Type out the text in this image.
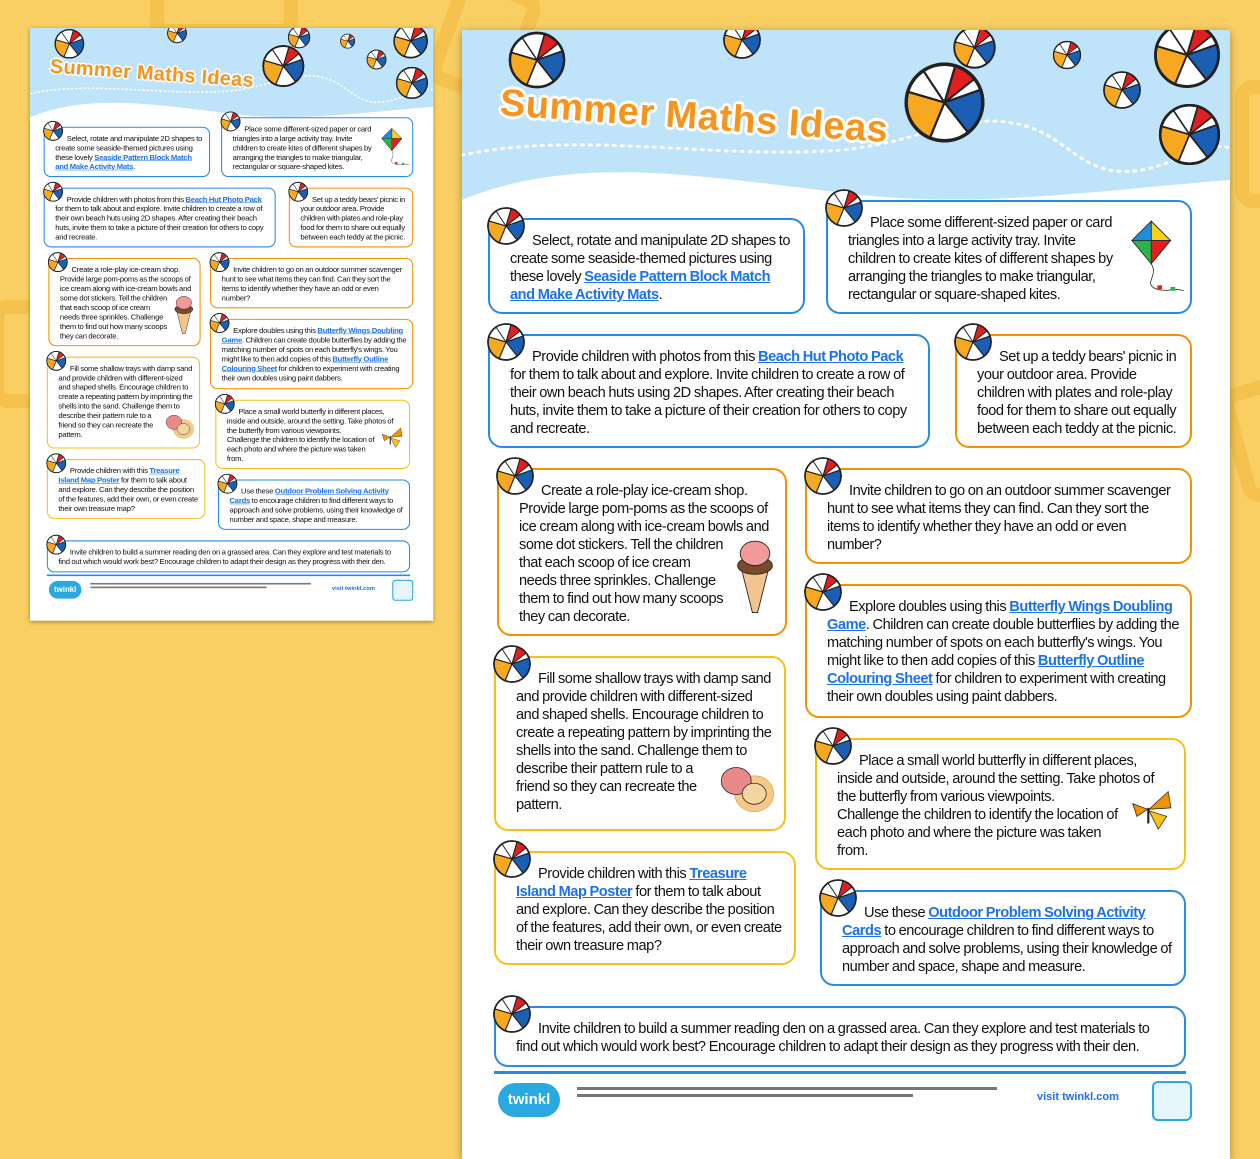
Summer Maths Ideas

Select, rotate and manipulate 2D shapes to create some seaside-themed pictures using these lovely Seaside Pattern Block Match and Make Activity Mats.

Place some different-sized paper or card triangles into a large activity tray. Invite children to create kites of different shapes by arranging the triangles to make triangular, rectangular or square-shaped kites.

Provide children with photos from this Beach Hut Photo Pack for them to talk about and explore. Invite children to create a row of their own beach huts using 2D shapes. After creating their beach huts, invite them to take a picture of their creation for others to copy and recreate.

Set up a teddy bears' picnic in your outdoor area. Provide children with plates and role-play food for them to share out equally between each teddy at the picnic.

Create a role-play ice-cream shop. Provide large pom-poms as the scoops of ice cream along with ice-cream bowls and some dot stickers. Tell the children that each scoop of ice cream needs three sprinkles. Challenge them to find out how many scoops they can decorate.

Invite children to go on an outdoor summer scavenger hunt to see what items they can find. Can they sort the items to identify whether they have an odd or even number?

Explore doubles using this Butterfly Wings Doubling Game. Children can create double butterflies by adding the matching number of spots on each butterfly's wings. You might like to then add copies of this Butterfly Outline Colouring Sheet for children to experiment with creating their own doubles using paint dabbers.

Fill some shallow trays with damp sand and provide children with different-sized and shaped shells. Encourage children to create a repeating pattern by imprinting the shells into the sand. Challenge them to describe their pattern rule to a friend so they can recreate the pattern.

Place a small world butterfly in different places, inside and outside, around the setting. Take photos of the butterfly from various viewpoints. Challenge the children to identify the location of each photo and where the picture was taken from.

Provide children with this Treasure Island Map Poster for them to talk about and explore. Can they describe the position of the features, add their own, or even create their own treasure map?

Use these Outdoor Problem Solving Activity Cards to encourage children to find different ways to approach and solve problems, using their knowledge of number and space, shape and measure.

Invite children to build a summer reading den on a grassed area. Can they explore and test materials to find out which would work best? Encourage children to adapt their design as they progress with their den.

twinkl	visit twinkl.com
Summer Maths Ideas

Select, rotate and manipulate 2D shapes to create some seaside-themed pictures using these lovely Seaside Pattern Block Match and Make Activity Mats.

Place some different-sized paper or card triangles into a large activity tray. Invite children to create kites of different shapes by arranging the triangles to make triangular, rectangular or square-shaped kites.

Provide children with photos from this Beach Hut Photo Pack for them to talk about and explore. Invite children to create a row of their own beach huts using 2D shapes. After creating their beach huts, invite them to take a picture of their creation for others to copy and recreate.

Set up a teddy bears' picnic in your outdoor area. Provide children with plates and role-play food for them to share out equally between each teddy at the picnic.

Create a role-play ice-cream shop. Provide large pom-poms as the scoops of ice cream along with ice-cream bowls and some dot stickers. Tell the children that each scoop of ice cream needs three sprinkles. Challenge them to find out how many scoops they can decorate.

Invite children to go on an outdoor summer scavenger hunt to see what items they can find. Can they sort the items to identify whether they have an odd or even number?

Explore doubles using this Butterfly Wings Doubling Game. Children can create double butterflies by adding the matching number of spots on each butterfly's wings. You might like to then add copies of this Butterfly Outline Colouring Sheet for children to experiment with creating their own doubles using paint dabbers.

Fill some shallow trays with damp sand and provide children with different-sized and shaped shells. Encourage children to create a repeating pattern by imprinting the shells into the sand. Challenge them to describe their pattern rule to a friend so they can recreate the pattern.

Place a small world butterfly in different places, inside and outside, around the setting. Take photos of the butterfly from various viewpoints. Challenge the children to identify the location of each photo and where the picture was taken from.

Provide children with this Treasure Island Map Poster for them to talk about and explore. Can they describe the position of the features, add their own, or even create their own treasure map?

Use these Outdoor Problem Solving Activity Cards to encourage children to find different ways to approach and solve problems, using their knowledge of number and space, shape and measure.

Invite children to build a summer reading den on a grassed area. Can they explore and test materials to find out which would work best? Encourage children to adapt their design as they progress with their den.

twinkl	visit twinkl.com
